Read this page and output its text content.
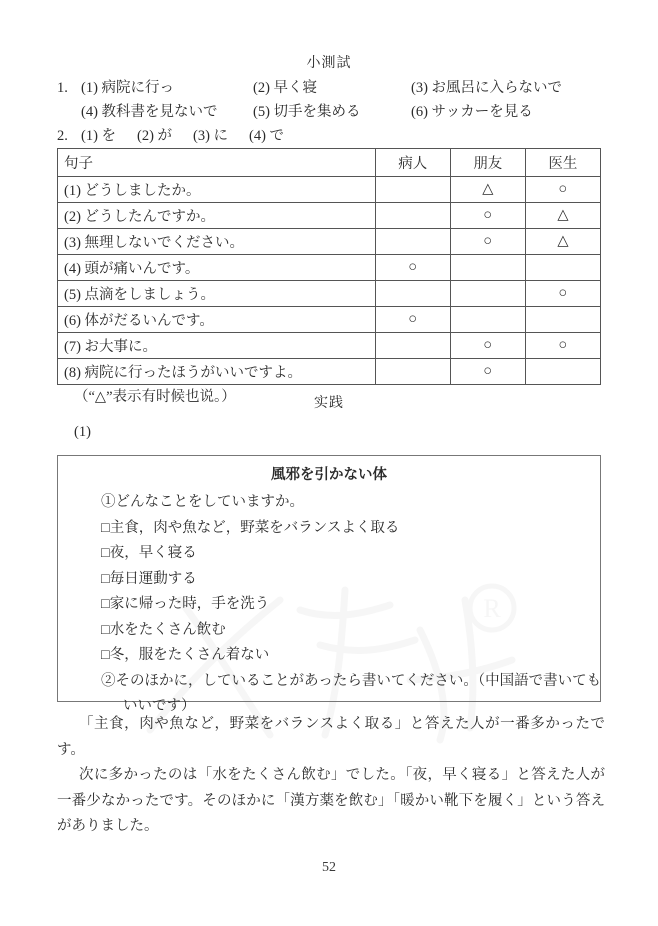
R
小測試
1. (1) 病院に行っ	(2) 早く寝	(3) お風呂に入らないで
(4) 教科書を見ないで	(5) 切手を集める	(6) サッカーを見る
2. (1) を	(2) が	(3) に	(4) で
句子	病人	朋友	医生
(1) どうしましたか。		△	○
(2) どうしたんですか。		○	△
(3) 無理しないでください。		○	△
(4) 頭が痛いんです。	○		
(5) 点滴をしましょう。			○
(6) 体がだるいんです。	○		
(7) お大事に。		○	○
(8) 病院に行ったほうがいいですよ。		○	
（“△”表示有时候也说。）	实践
(1)
風邪を引かない体
①どんなことをしていますか。
□主食，肉や魚など，野菜をバランスよく取る
□夜，早く寝る
□毎日運動する
□家に帰った時，手を洗う
□水をたくさん飲む
□冬，服をたくさん着ない
②そのほかに，していることがあったら書いてください。（中国語で書いても
いいです）

「主食，肉や魚など，野菜をバランスよく取る」と答えた人が一番多かったです。

次に多かったのは「水をたくさん飲む」でした。「夜，早く寝る」と答えた人が一番少なかったです。そのほかに「漢方薬を飲む」「暖かい靴下を履く」という答えがありました。

52
